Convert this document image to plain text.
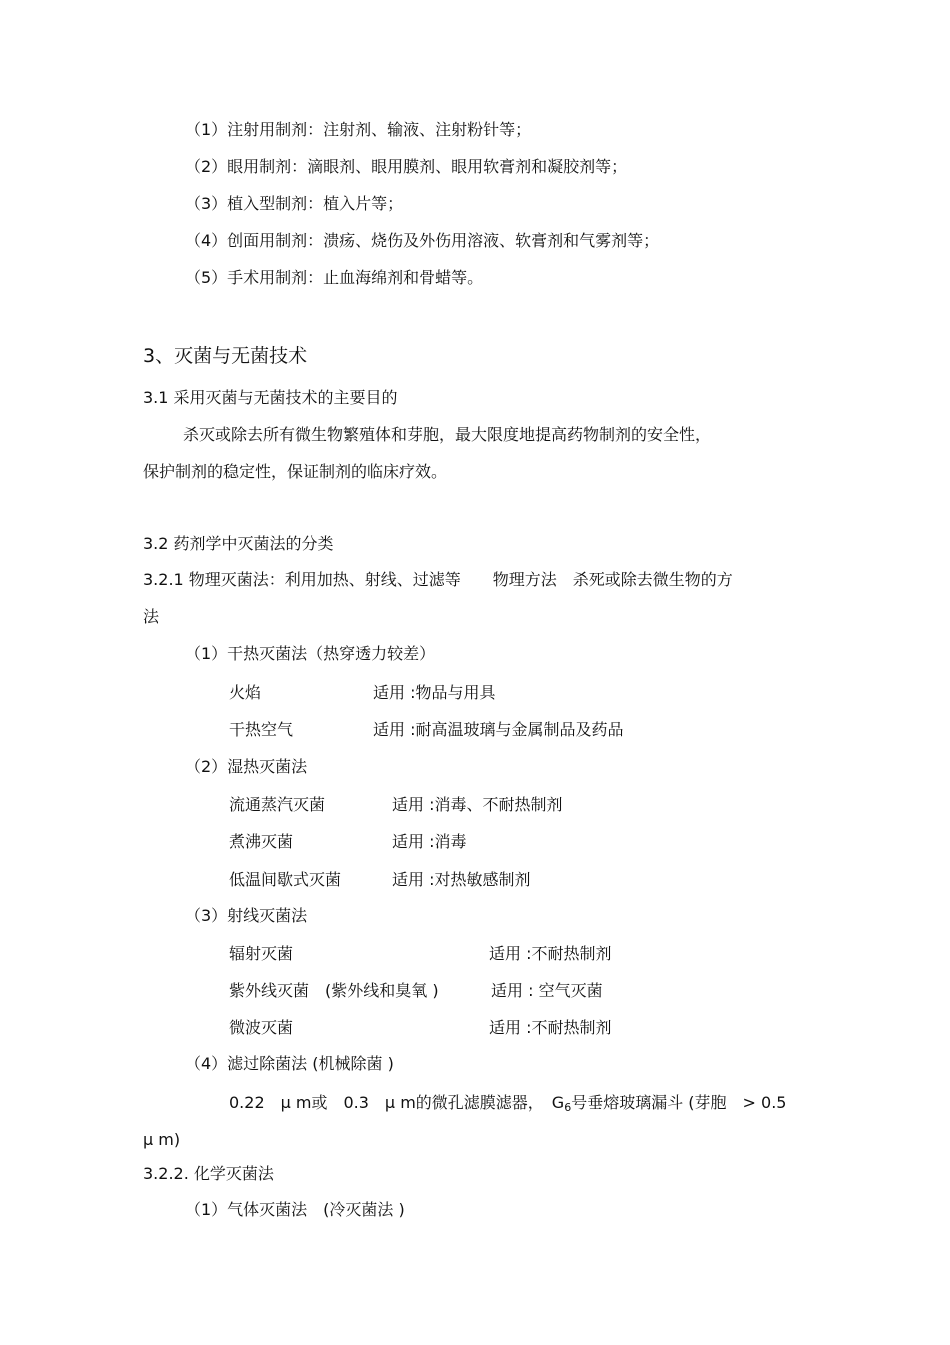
（1）注射用制剂：注射剂、输液、注射粉针等；
（2）眼用制剂：滴眼剂、眼用膜剂、眼用软膏剂和凝胶剂等；
（3）植入型制剂：植入片等；
（4）创面用制剂：溃疡、烧伤及外伤用溶液、软膏剂和气雾剂等；
（5）手术用制剂：止血海绵剂和骨蜡等。
3、灭菌与无菌技术
3.1 采用灭菌与无菌技术的主要目的
杀灭或除去所有微生物繁殖体和芽胞，最大限度地提高药物制剂的安全性，
保护制剂的稳定性，保证制剂的临床疗效。
3.2 药剂学中灭菌法的分类
3.2.1 物理灭菌法：利用加热、射线、过滤等　　物理方法　杀死或除去微生物的方
法
（1）干热灭菌法（热穿透力较差）
火焰	适用 :物品与用具
干热空气	适用 :耐高温玻璃与金属制品及药品
（2）湿热灭菌法
流通蒸汽灭菌	适用 :消毒、不耐热制剂
煮沸灭菌	适用 :消毒
低温间歇式灭菌	适用 :对热敏感制剂
（3）射线灭菌法
辐射灭菌	适用 :不耐热制剂
紫外线灭菌　(紫外线和臭氧 )	适用 : 空气灭菌
微波灭菌	适用 :不耐热制剂
（4）滤过除菌法 (机械除菌 )
0.22　μ m或　0.3　μ m的微孔滤膜滤器，　$G_6$号垂熔玻璃漏斗 (芽胞　> 0.5
μ m)
3.2.2. 化学灭菌法
（1）气体灭菌法　(冷灭菌法 )
